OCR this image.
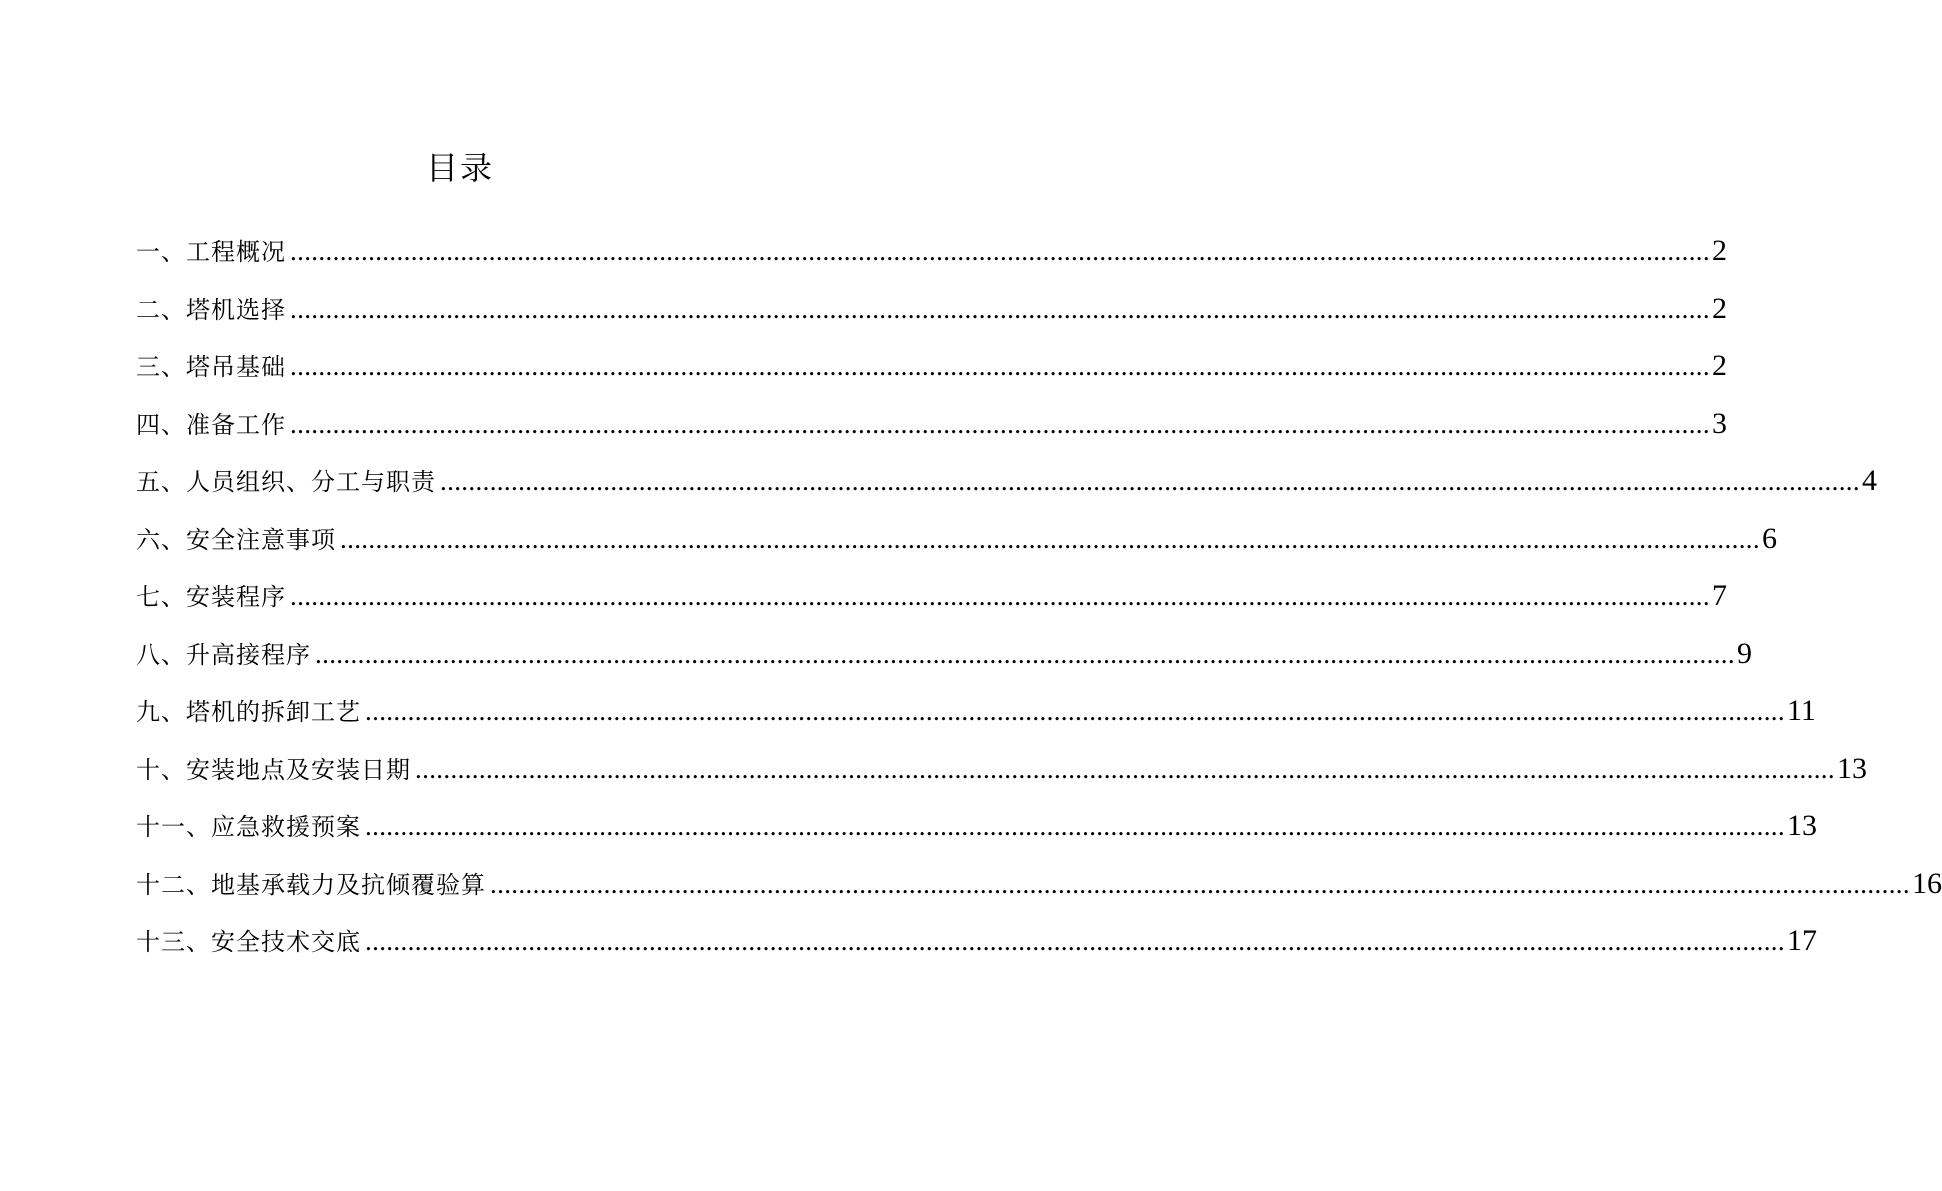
目录
一、工程概况 ........................................................................................................................................................................................................ 2
二、塔机选择 ........................................................................................................................................................................................................ 2
三、塔吊基础 ........................................................................................................................................................................................................ 2
四、准备工作 ........................................................................................................................................................................................................ 3
五、人员组织、分工与职责 ........................................................................................................................................................................................................ 4
六、安全注意事项 ........................................................................................................................................................................................................ 6
七、安装程序 ........................................................................................................................................................................................................ 7
八、升高接程序 ........................................................................................................................................................................................................ 9
九、塔机的拆卸工艺 ........................................................................................................................................................................................................ 11
十、安装地点及安装日期 ........................................................................................................................................................................................................ 13
十一、应急救援预案 ........................................................................................................................................................................................................ 13
十二、地基承载力及抗倾覆验算 ........................................................................................................................................................................................................ 16
十三、安全技术交底 ........................................................................................................................................................................................................ 17
